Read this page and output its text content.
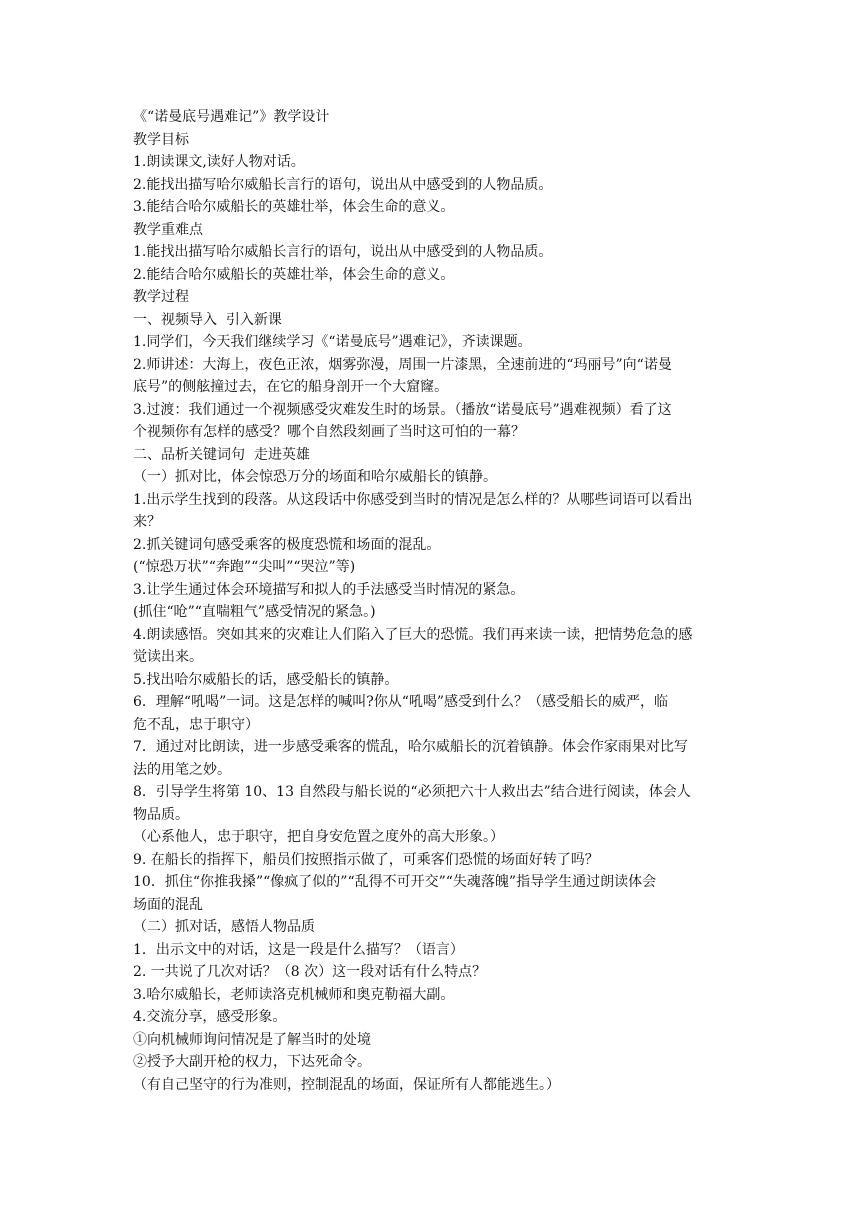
《“诺曼底号遇难记”》教学设计
教学目标
1.朗读课文,读好人物对话。
2.能找出描写哈尔威船长言行的语句，说出从中感受到的人物品质。
3.能结合哈尔威船长的英雄壮举，体会生命的意义。
教学重难点
1.能找出描写哈尔威船长言行的语句，说出从中感受到的人物品质。
2.能结合哈尔威船长的英雄壮举，体会生命的意义。
教学过程
一、视频导入  引入新课
1.同学们，今天我们继续学习《“诺曼底号”遇难记》，齐读课题。
2.师讲述：大海上，夜色正浓，烟雾弥漫，周围一片漆黑，全速前进的“玛丽号”向“诺曼
底号”的侧舷撞过去，在它的船身剖开一个大窟窿。
3.过渡：我们通过一个视频感受灾难发生时的场景。（播放“诺曼底号”遇难视频）看了这
个视频你有怎样的感受？哪个自然段刻画了当时这可怕的一幕？
二、品析关键词句  走进英雄
（一）抓对比，体会惊恐万分的场面和哈尔威船长的镇静。
1.出示学生找到的段落。从这段话中你感受到当时的情况是怎么样的？从哪些词语可以看出
来？
2.抓关键词句感受乘客的极度恐慌和场面的混乱。
(“惊恐万状”“奔跑”“尖叫”“哭泣”等)
3.让学生通过体会环境描写和拟人的手法感受当时情况的紧急。
(抓住“呛”“直喘粗气”感受情况的紧急。)
4.朗读感悟。突如其来的灾难让人们陷入了巨大的恐慌。我们再来读一读，把情势危急的感
觉读出来。
5.找出哈尔威船长的话，感受船长的镇静。
6．理解“吼喝”一词。这是怎样的喊叫?你从“吼喝”感受到什么？（感受船长的威严，临
危不乱，忠于职守）
7．通过对比朗读，进一步感受乘客的慌乱，哈尔威船长的沉着镇静。体会作家雨果对比写
法的用笔之妙。
8．引导学生将第 10、13 自然段与船长说的“必须把六十人救出去”结合进行阅读，体会人
物品质。
（心系他人，忠于职守，把自身安危置之度外的高大形象。）
9. 在船长的指挥下，船员们按照指示做了，可乘客们恐慌的场面好转了吗？
10．抓住“你推我搡”“像疯了似的”“乱得不可开交”“失魂落魄”指导学生通过朗读体会
场面的混乱
（二）抓对话，感悟人物品质
1．出示文中的对话，这是一段是什么描写？（语言）
2. 一共说了几次对话？（8 次）这一段对话有什么特点？
3.哈尔威船长，老师读洛克机械师和奥克勒福大副。
4.交流分享，感受形象。
①向机械师询问情况是了解当时的处境
②授予大副开枪的权力，下达死命令。
（有自己坚守的行为准则，控制混乱的场面，保证所有人都能逃生。）
